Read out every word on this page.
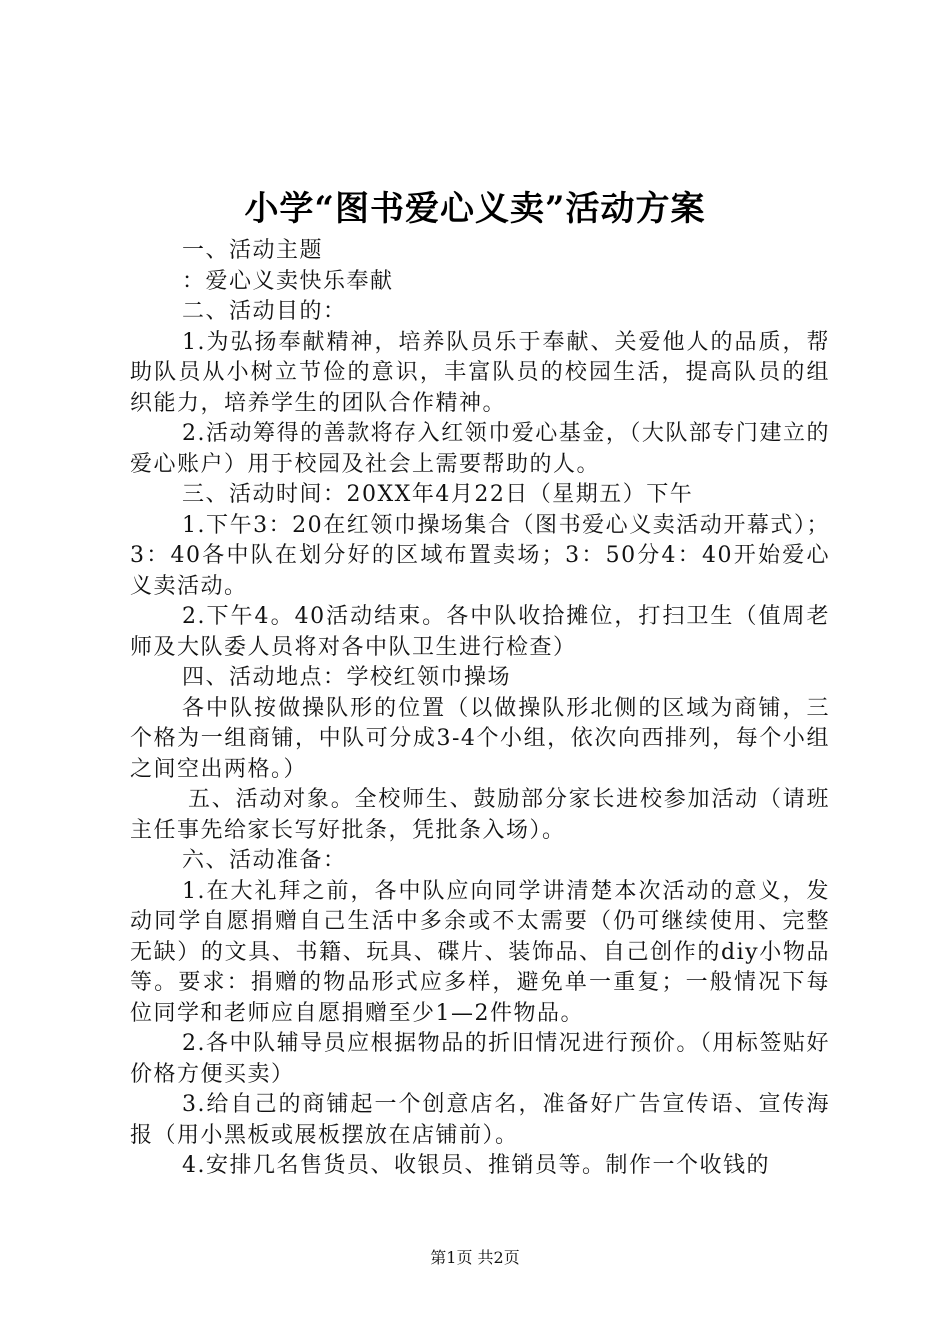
小学“图书爱心义卖”活动方案

一、活动主题

：爱心义卖快乐奉献

二、活动目的：

1.为弘扬奉献精神，培养队员乐于奉献、关爱他人的品质，帮助队员从小树立节俭的意识，丰富队员的校园生活，提高队员的组织能力，培养学生的团队合作精神。

2.活动筹得的善款将存入红领巾爱心基金，（大队部专门建立的爱心账户）用于校园及社会上需要帮助的人。

三、活动时间：20XX年4月22日（星期五）下午

1.下午3：20在红领巾操场集合（图书爱心义卖活动开幕式）；3：40各中队在划分好的区域布置卖场；3：50分4：40开始爱心义卖活动。

2.下午4。40活动结束。各中队收拾摊位，打扫卫生（值周老师及大队委人员将对各中队卫生进行检查）

四、活动地点：学校红领巾操场

各中队按做操队形的位置（以做操队形北侧的区域为商铺，三个格为一组商铺，中队可分成3-4个小组，依次向西排列，每个小组之间空出两格。）

五、活动对象。全校师生、鼓励部分家长进校参加活动（请班主任事先给家长写好批条，凭批条入场）。

六、活动准备：

1.在大礼拜之前，各中队应向同学讲清楚本次活动的意义，发动同学自愿捐赠自己生活中多余或不太需要（仍可继续使用、完整无缺）的文具、书籍、玩具、碟片、装饰品、自己创作的diy小物品等。要求：捐赠的物品形式应多样，避免单一重复；一般情况下每位同学和老师应自愿捐赠至少1—2件物品。

2.各中队辅导员应根据物品的折旧情况进行预价。（用标签贴好价格方便买卖）

3.给自己的商铺起一个创意店名，准备好广告宣传语、宣传海报（用小黑板或展板摆放在店铺前）。

4.安排几名售货员、收银员、推销员等。制作一个收钱的

第1页 共2页
